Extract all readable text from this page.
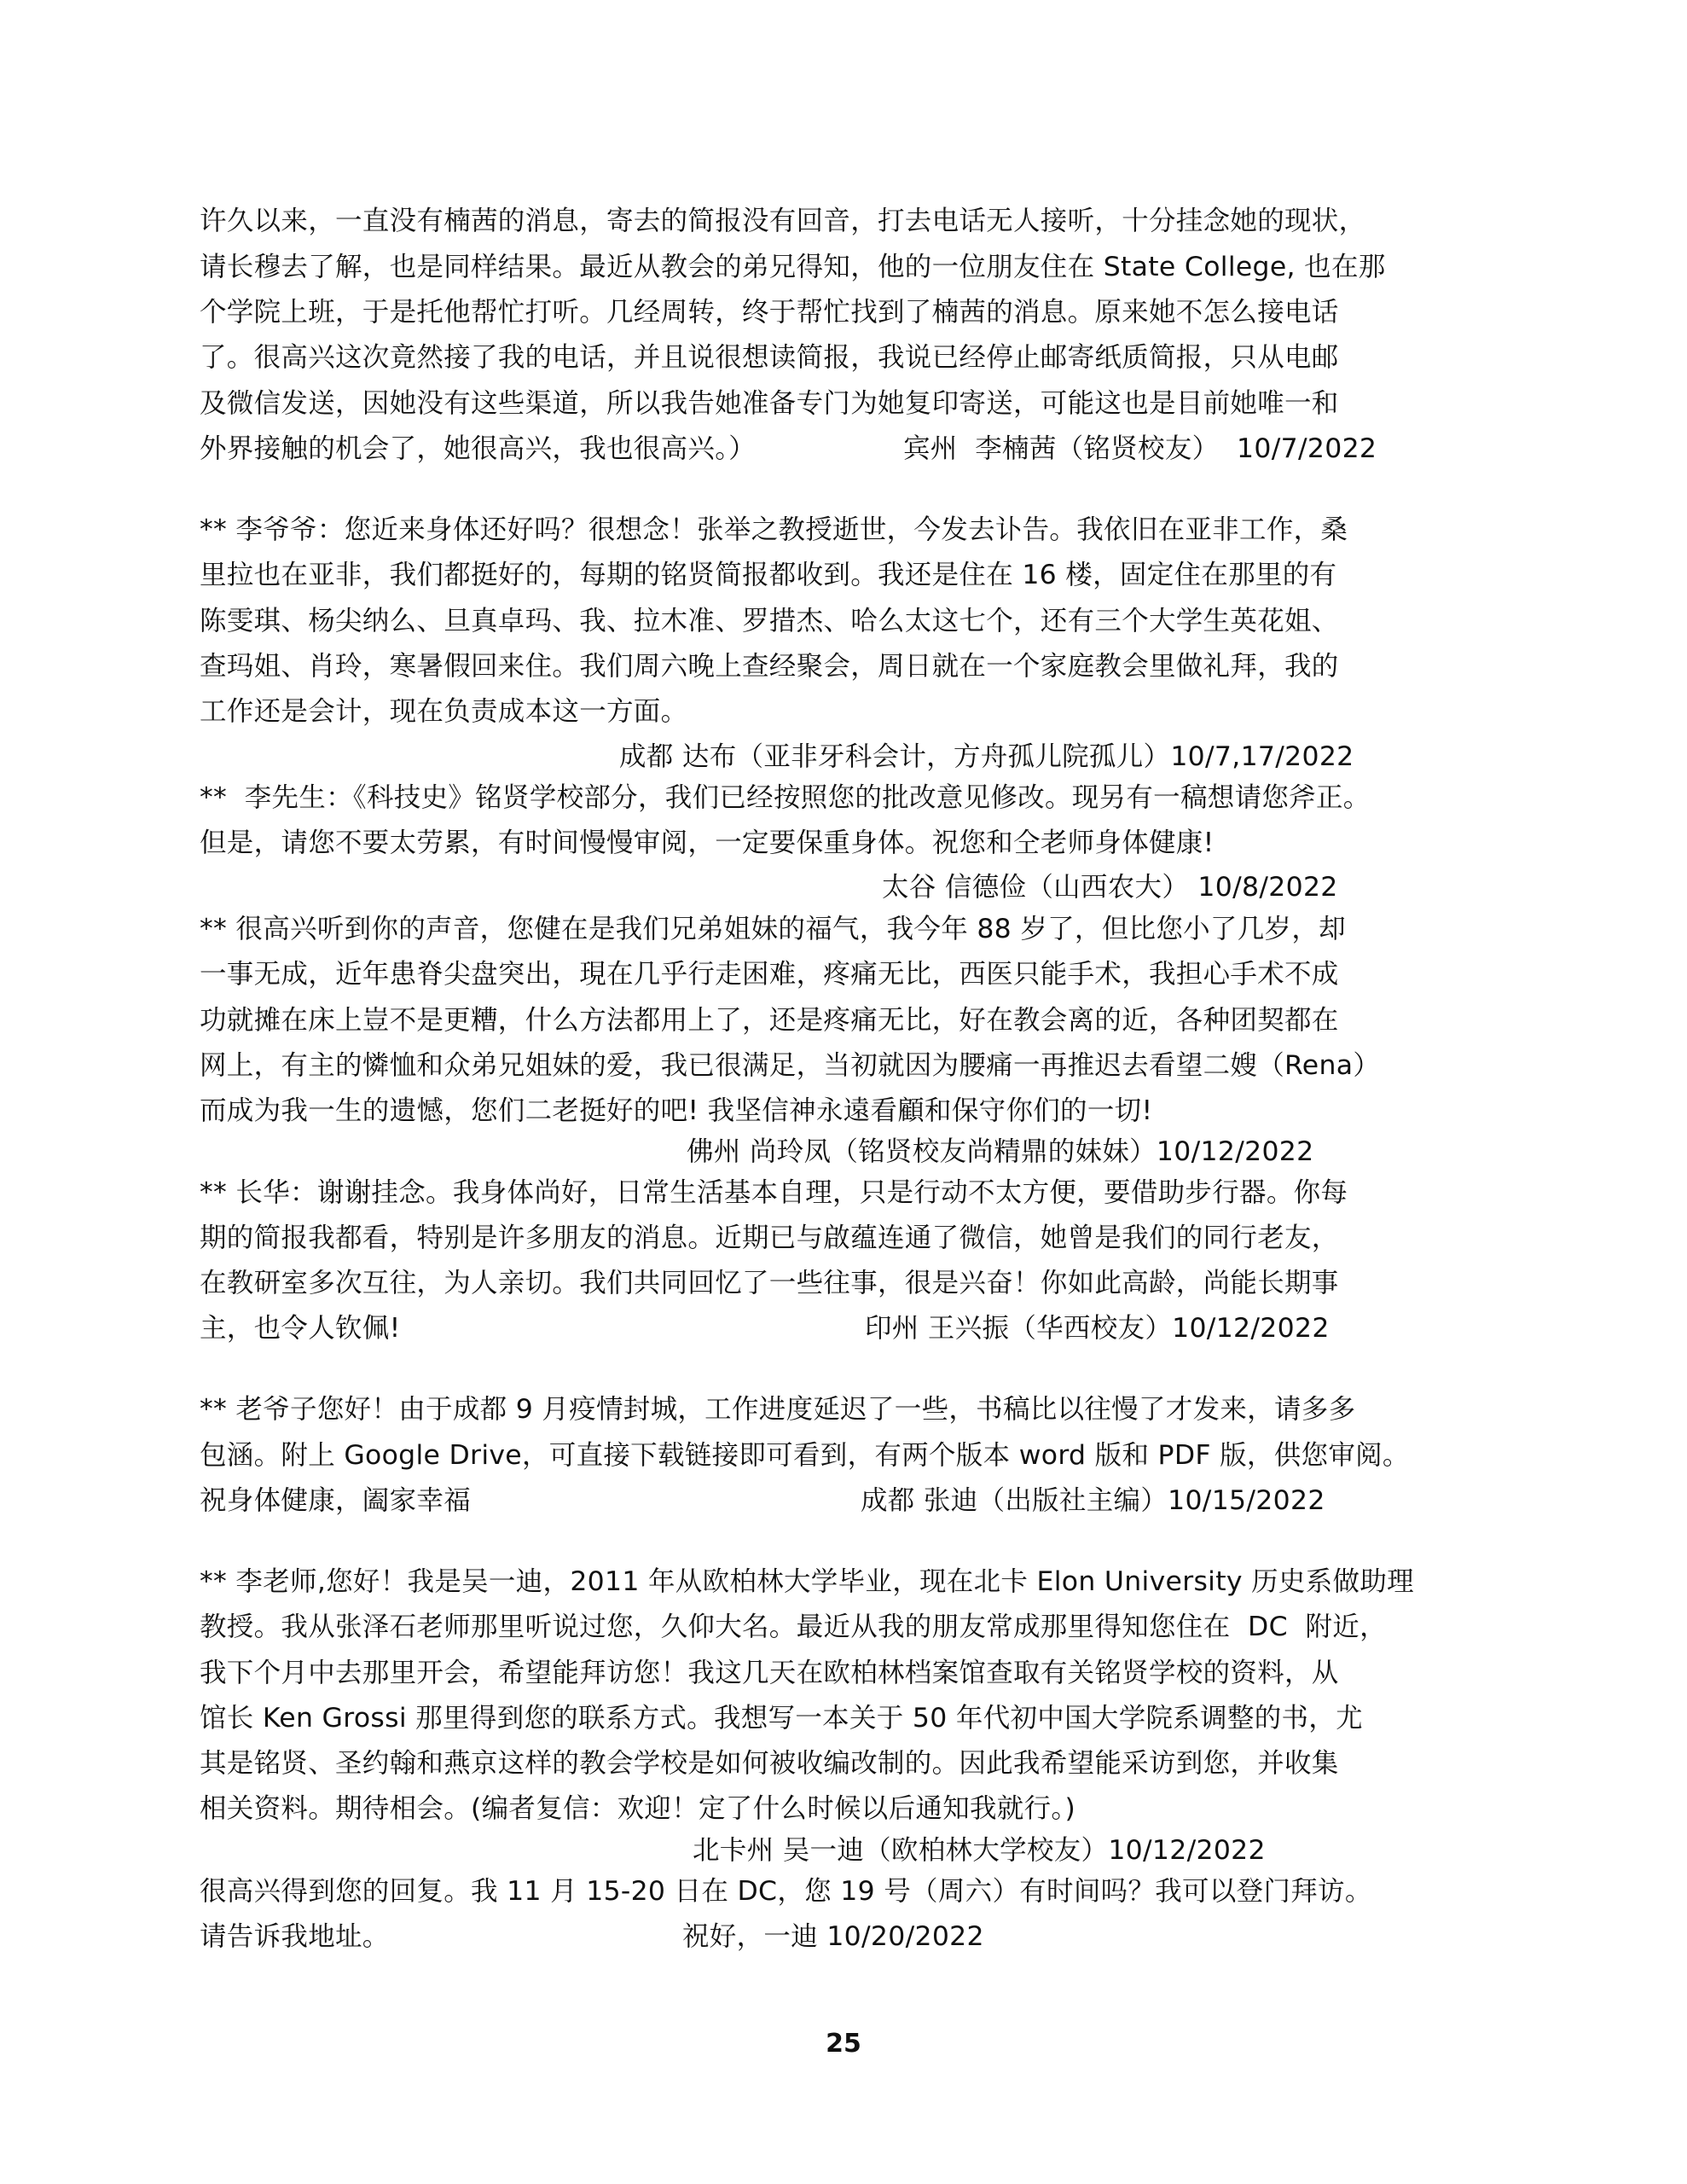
许久以来，一直没有楠茜的消息，寄去的简报没有回音，打去电话无人接听，十分挂念她的现状，
请长穆去了解，也是同样结果。最近从教会的弟兄得知，他的一位朋友住在 State College, 也在那
个学院上班，于是托他帮忙打听。几经周转，终于帮忙找到了楠茜的消息。原来她不怎么接电话
了。很高兴这次竟然接了我的电话，并且说很想读简报，我说已经停止邮寄纸质简报，只从电邮
及微信发送，因她没有这些渠道，所以我告她准备专门为她复印寄送，可能这也是目前她唯一和
外界接触的机会了，她很高兴，我也很高兴。）	宾州  李楠茜（铭贤校友）  10/7/2022
** 李爷爷：您近来身体还好吗？很想念！张举之教授逝世，今发去讣告。我依旧在亚非工作，桑
里拉也在亚非，我们都挺好的，每期的铭贤简报都收到。我还是住在 16 楼，固定住在那里的有
陈雯琪、杨尖纳么、旦真卓玛、我、拉木准、罗措杰、哈么太这七个，还有三个大学生英花姐、
查玛姐、肖玲，寒暑假回来住。我们周六晚上查经聚会，周日就在一个家庭教会里做礼拜，我的
工作还是会计，现在负责成本这一方面。
成都 达布（亚非牙科会计，方舟孤儿院孤儿）10/7,17/2022
**  李先生：《科技史》铭贤学校部分，我们已经按照您的批改意见修改。现另有一稿想请您斧正。
但是，请您不要太劳累，有时间慢慢审阅，一定要保重身体。祝您和仝老师身体健康!
太谷 信德俭（山西农大） 10/8/2022
** 很高兴听到你的声音，您健在是我们兄弟姐妹的福气，我今年 88 岁了，但比您小了几岁，却
一事无成，近年患脊尖盘突出，現在几乎行走困难，疼痛无比，西医只能手术，我担心手术不成
功就摊在床上豈不是更糟，什么方法都用上了，还是疼痛无比，好在教会离的近，各种团契都在
网上，有主的憐恤和众弟兄姐妹的爱，我已很满足，当初就因为腰痛一再推迟去看望二嫂（Rena）
而成为我一生的遗憾，您们二老挺好的吧! 我坚信神永遠看顧和保守你们的一切!
佛州 尚玲凤（铭贤校友尚精鼎的妹妹）10/12/2022
** 长华：谢谢挂念。我身体尚好，日常生活基本自理，只是行动不太方便，要借助步行器。你每
期的简报我都看，特别是许多朋友的消息。近期已与啟蕴连通了微信，她曾是我们的同行老友，
在教研室多次互往，为人亲切。我们共同回忆了一些往事，很是兴奋！你如此高龄，尚能长期事
主，也令人钦佩!	印州 王兴振（华西校友）10/12/2022
** 老爷子您好！由于成都 9 月疫情封城，工作进度延迟了一些，书稿比以往慢了才发来，请多多
包涵。附上 Google Drive，可直接下载链接即可看到，有两个版本 word 版和 PDF 版，供您审阅。
祝身体健康，阖家幸福	成都 张迪（出版社主编）10/15/2022
** 李老师,您好！我是吴一迪，2011 年从欧柏林大学毕业，现在北卡 Elon University 历史系做助理
教授。我从张泽石老师那里听说过您，久仰大名。最近从我的朋友常成那里得知您住在  DC  附近，
我下个月中去那里开会，希望能拜访您！我这几天在欧柏林档案馆查取有关铭贤学校的资料，从
馆长 Ken Grossi 那里得到您的联系方式。我想写一本关于 50 年代初中国大学院系调整的书，尤
其是铭贤、圣约翰和燕京这样的教会学校是如何被收编改制的。因此我希望能采访到您，并收集
相关资料。期待相会。(编者复信：欢迎！定了什么时候以后通知我就行。)
北卡州 吴一迪（欧柏林大学校友）10/12/2022
很高兴得到您的回复。我 11 月 15-20 日在 DC，您 19 号（周六）有时间吗？我可以登门拜访。
请告诉我地址。	祝好，一迪 10/20/2022
25
